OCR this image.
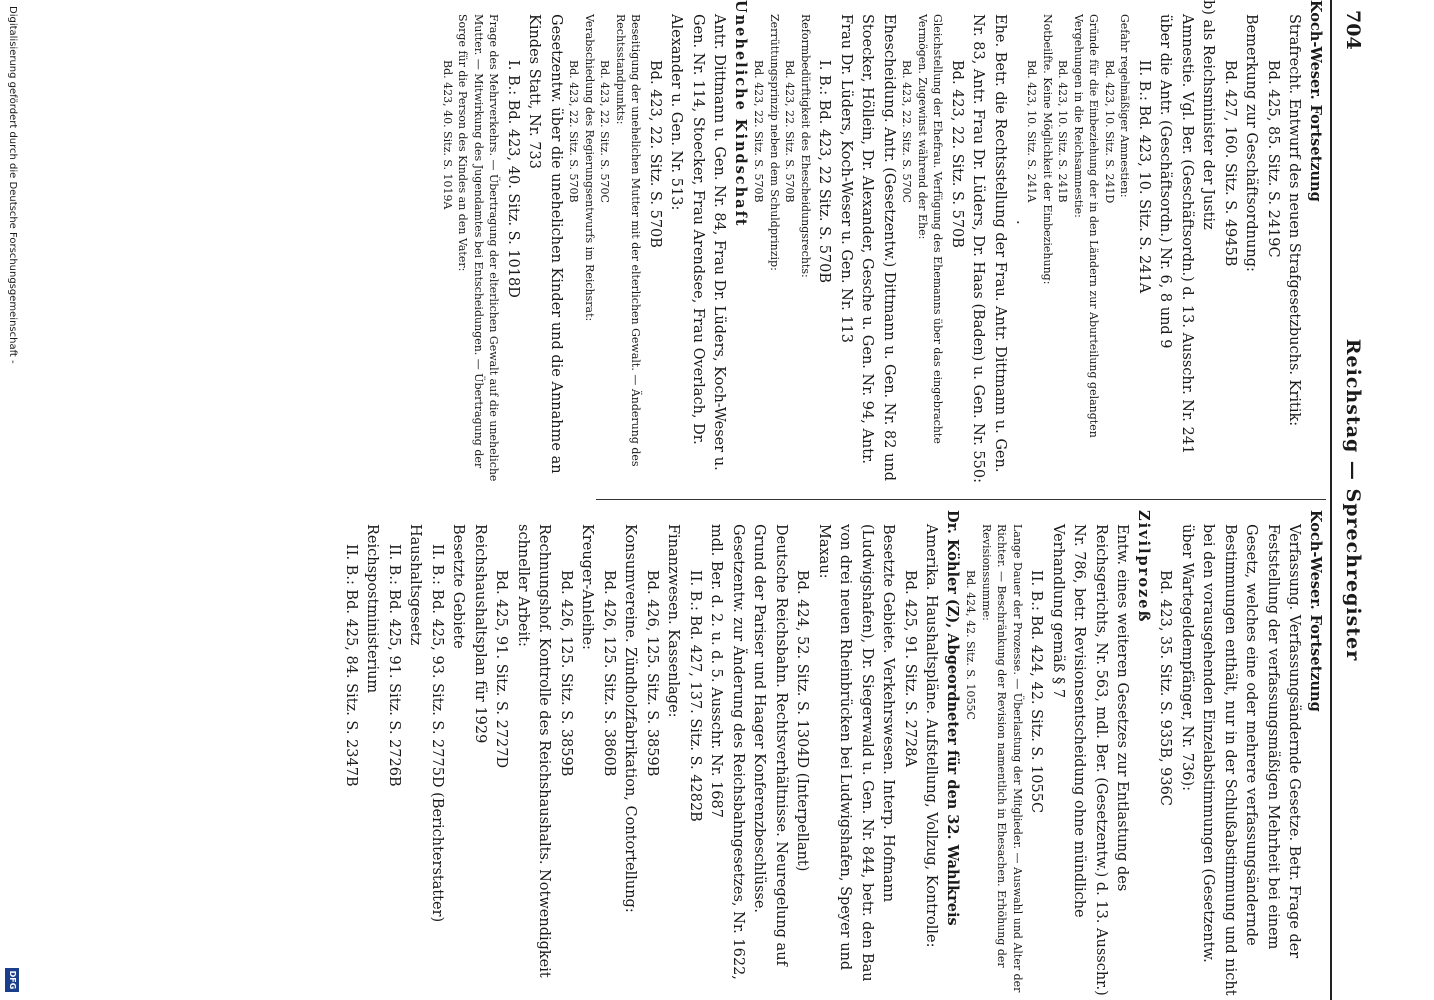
704
Reichstag — Sprechregister

Koch-Weser. Fortsetzung

Strafrecht. Entwurf des neuen Strafgesetzbuchs. Kritik:

Bd. 425, 85. Sitz. S. 2419C

Bemerkung zur Geschäftsordnung:

Bd. 427, 160. Sitz. S. 4945B

b) als Reichsminister der Justiz

Amnestie. Vgl. Ber. (Geschäftsordn.) d. 13. Ausschr. Nr. 241 über die Antr. (Geschäftsordn.) Nr. 6, 8 und 9

II. B.: Bd. 423, 10. Sitz. S. 241A

Gefahr regelmäßiger Amnestien:

Bd. 423, 10. Sitz. S. 241D

Gründe für die Einbeziehung der in den Ländern zur Aburteilung gelangten Vergehungen in die Reichsamnestie:

Bd. 423, 10. Sitz. S. 241B

Notbeilfte. Keine Möglichkeit der Einbeziehung:

Bd. 423, 10. Sitz. S. 241A

·

Ehe. Betr. die Rechtsstellung der Frau. Antr. Dittmann u. Gen. Nr. 83, Antr. Frau Dr. Lüders, Dr. Haas (Baden) u. Gen. Nr. 550:

Bd. 423, 22. Sitz. S. 570B

Gleichstellung der Ehefrau. Verfügung des Ehemanns über das eingebrachte Vermögen. Zugewinst während der Ehe:

Bd. 423, 22. Sitz. S. 570C

Ehescheidung. Antr. (Gesetzentw.) Dittmann u. Gen. Nr. 82 und Stoecker, Höllein, Dr. Alexander, Gesche u. Gen. Nr. 94, Antr. Frau Dr. Lüders, Koch-Weser u. Gen. Nr. 113

I. B.: Bd. 423, 22 Sitz. S. 570B

Reformbedürftigkeit des Ehescheidungsrechts:

Bd. 423, 22. Sitz. S. 570B

Zerrüttungsprinzip neben dem Schuldprinzip:

Bd. 423, 22. Sitz. S. 570B

Uneheliche Kindschaft

Antr. Dittmann u. Gen. Nr. 84, Frau Dr. Lüders, Koch-Weser u. Gen. Nr. 114, Stoecker, Frau Arendsee, Frau Overlach, Dr. Alexander u. Gen. Nr. 513:

Bd. 423, 22. Sitz. S. 570B

Beseitigung der unehelichen Mutter mit der elterlichen Gewalt. — Änderung des Rechtsstandpunkts:

Bd. 423, 22. Sitz. S. 570C

Verabschiedung des Regierungsentwurfs im Reichsrat:

Bd. 423, 22. Sitz. S. 570B

Gesetzentw. über die unehelichen Kinder und die Annahme an Kindes Statt, Nr. 733

I. B.: Bd. 423, 40. Sitz. S. 1018D

Frage des Mehrverkehrs. — Übertragung der elterlichen Gewalt auf die uneheliche Mutter. — Mitwirkung des Jugendamtes bei Entscheidungen. — Übertragung der Sorge für die Person des Kindes an den Vater:

Bd. 423, 40. Sitz. S. 1019A

Koch-Weser. Fortsetzung

Verfassung. Verfassungsändernde Gesetze. Betr. Frage der Feststellung der verfassungsmäßigen Mehrheit bei einem Gesetz, welches eine oder mehrere verfassungsändernde Bestimmungen enthält, nur in der Schlußabstimmung und nicht bei den vorausgehenden Einzelabstimmungen (Gesetzentw. über Wartegeldempfänger, Nr. 736):

Bd. 423, 35. Sitz. S. 935B, 936C

Zivilprozeß

Entw. eines weiteren Gesetzes zur Entlastung des Reichsgerichts, Nr. 563, mdl. Ber. (Gesetzentw.) d. 13. Ausschr.) Nr. 786, betr. Revisionsentscheidung ohne mündliche Verhandlung gemäß § 7

II. B.: Bd. 424, 42. Sitz. S. 1055C

Lange Dauer der Prozesse. — Überlastung der Mitglieder. — Auswahl und Alter der Richter. — Beschränkung der Revision namentlich in Ehesachen. Erhöhung der Revisionssumme:

Bd. 424, 42. Sitz. S. 1055C

Dr. Köhler (Z), Abgeordneter für den 32. Wahlkreis

Amerika. Haushaltspläne. Aufstellung, Vollzug, Kontrolle:

Bd. 425, 91. Sitz. S. 2728A

Besetzte Gebiete. Verkehrswesen. Interp. Hofmann (Ludwigshafen), Dr. Siegerwald u. Gen. Nr. 844, betr. den Bau von drei neuen Rheinbrücken bei Ludwigshafen, Speyer und Maxau:

Bd. 424, 52. Sitz. S. 1304D (Interpellant)

Deutsche Reichsbahn. Rechtsverhältnisse. Neuregelung auf Grund der Pariser und Haager Konferenzbeschlüsse. Gesetzentw. zur Änderung des Reichsbahngesetzes, Nr. 1622, mdl. Ber. d. 2. u. d. 5. Ausschr. Nr. 1687

II. B.: Bd. 427, 137. Sitz. S. 4282B

Finanzwesen. Kassenlage:

Bd. 426, 125. Sitz. S. 3859B

Konsumvereine. Zündholzfabrikation, Contortellung:

Bd. 426, 125. Sitz. S. 3860B

Kreuger-Anleihe:

Bd. 426, 125. Sitz. S. 3859B

Rechnungshof. Kontrolle des Reichshaushalts. Notwendigkeit schneller Arbeit:

Bd. 425, 91. Sitz. S. 2727D

Reichshaushaltsplan für 1929

Besetzte Gebiete

II. B.: Bd. 425, 93. Sitz. S. 2775D (Berichterstatter)

Haushaltsgesetz

II. B.: Bd. 425, 91. Sitz. S. 2726B

Reichspostministerium

II. B.: Bd. 425, 84. Sitz. S. 2347B

Digitalisierung gefördert durch die Deutsche Forschungsgemeinschaft -
DFG
